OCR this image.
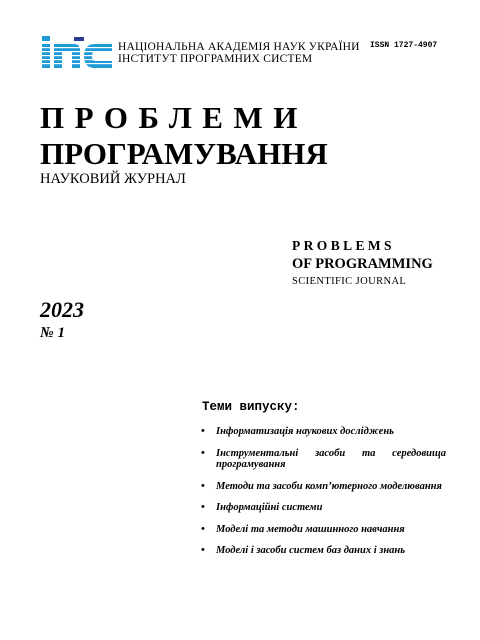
НАЦІОНАЛЬНА АКАДЕМІЯ НАУК УКРАЇНИ
ІНСТИТУТ ПРОГРАМНИХ СИСТЕМ
ISSN 1727-4907
ПРОБЛЕМИ
ПРОГРАМУВАННЯ
НАУКОВИЙ ЖУРНАЛ
PROBLEMS
OF PROGRAMMING
SCIENTIFIC JOURNAL
2023
№ 1
Теми випуску:
• Інформатизація наукових досліджень
• Інструментальні засоби та середовища програмування
• Методи та засоби комп’ютерного моделювання
• Інформаційні системи
• Моделі та методи машинного навчання
• Моделі і засоби систем баз даних і знань
